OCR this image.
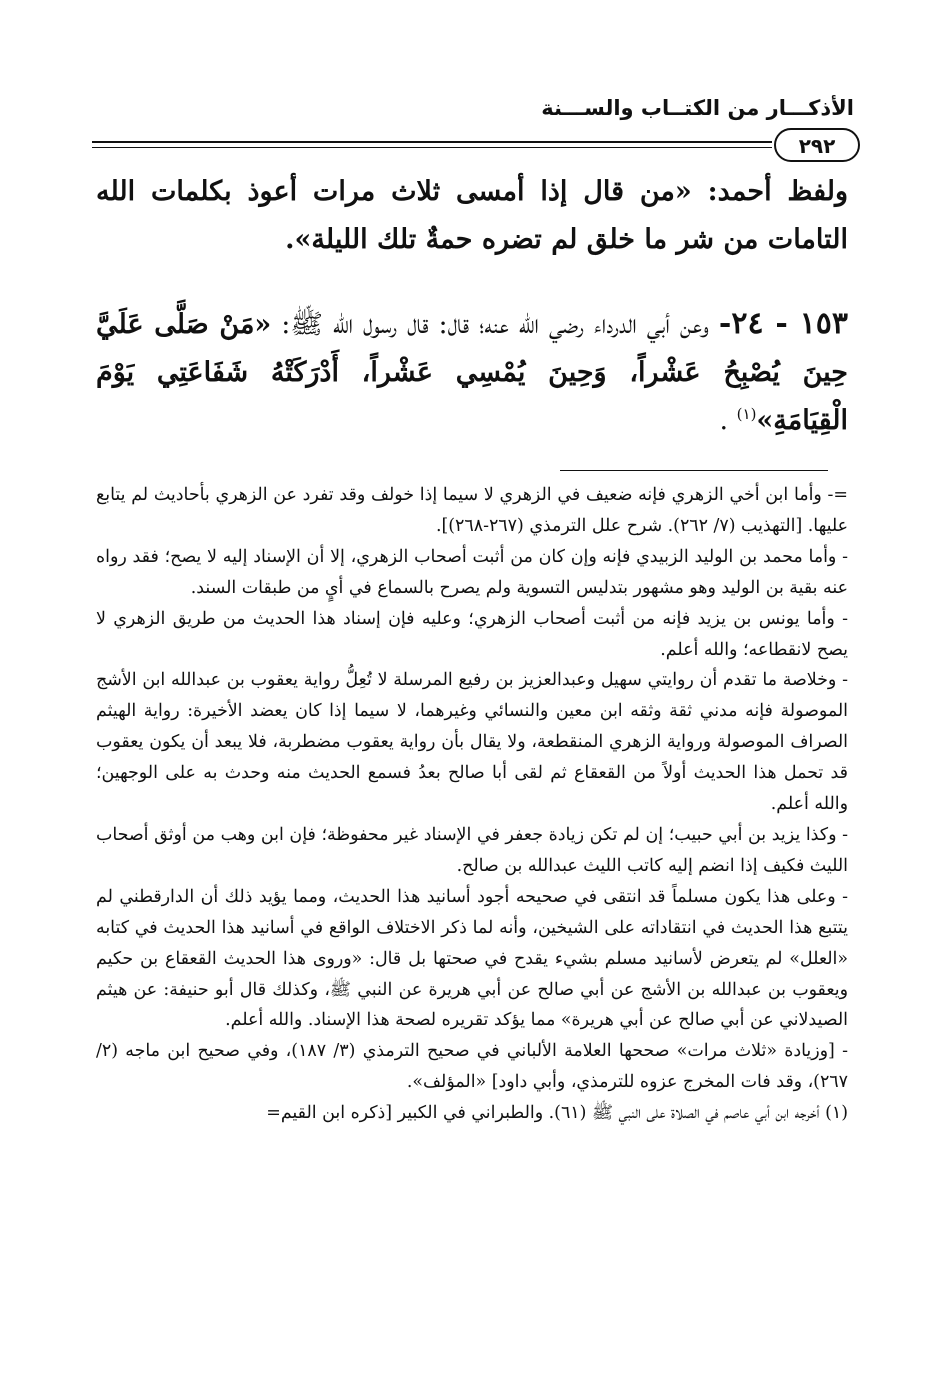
الأذكـــار من الكتــاب والســـنة
٢٩٢
ولفظ أحمد: «من قال إذا أمسى ثلاث مرات أعوذ بكلمات الله التامات من شر ما خلق لم تضره حمةٌ تلك الليلة».
١٥٣ - ٢٤- وعن أبي الدرداء رضي الله عنه؛ قال: قال رسول الله ﷺ: «مَنْ صَلَّى عَلَيَّ حِينَ يُصْبِحُ عَشْراً، وَحِينَ يُمْسِي عَشْراً، أَدْرَكَتْهُ شَفَاعَتِي يَوْمَ الْقِيَامَةِ»$^{(١)}$ .

=- وأما ابن أخي الزهري فإنه ضعيف في الزهري لا سيما إذا خولف وقد تفرد عن الزهري بأحاديث لم يتابع عليها. [التهذيب (٧/ ٢٦٢). شرح علل الترمذي (٢٦٧-٢٦٨)].

- وأما محمد بن الوليد الزبيدي فإنه وإن كان من أثبت أصحاب الزهري، إلا أن الإسناد إليه لا يصح؛ فقد رواه عنه بقية بن الوليد وهو مشهور بتدليس التسوية ولم يصرح بالسماع في أيٍ من طبقات السند.

- وأما يونس بن يزيد فإنه من أثبت أصحاب الزهري؛ وعليه فإن إسناد هذا الحديث من طريق الزهري لا يصح لانقطاعه؛ والله أعلم.

- وخلاصة ما تقدم أن روايتي سهيل وعبدالعزيز بن رفيع المرسلة لا تُعِلُّ رواية يعقوب بن عبدالله ابن الأشج الموصولة فإنه مدني ثقة وثقه ابن معين والنسائي وغيرهما، لا سيما إذا كان يعضد الأخيرة: رواية الهيثم الصراف الموصولة ورواية الزهري المنقطعة، ولا يقال بأن رواية يعقوب مضطربة، فلا يبعد أن يكون يعقوب قد تحمل هذا الحديث أولاً من القعقاع ثم لقى أبا صالح بعدُ فسمع الحديث منه وحدث به على الوجهين؛ والله أعلم.

- وكذا يزيد بن أبي حبيب؛ إن لم تكن زيادة جعفر في الإسناد غير محفوظة؛ فإن ابن وهب من أوثق أصحاب الليث فكيف إذا انضم إليه كاتب الليث عبدالله بن صالح.

- وعلى هذا يكون مسلماً قد انتقى في صحيحه أجود أسانيد هذا الحديث، ومما يؤيد ذلك أن الدارقطني لم يتتبع هذا الحديث في انتقاداته على الشيخين، وأنه لما ذكر الاختلاف الواقع في أسانيد هذا الحديث في كتابه «العلل» لم يتعرض لأسانيد مسلم بشيء يقدح في صحتها بل قال: «وروى هذا الحديث القعقاع بن حكيم ويعقوب بن عبدالله بن الأشج عن أبي صالح عن أبي هريرة عن النبي ﷺ، وكذلك قال أبو حنيفة: عن هيثم الصيدلاني عن أبي صالح عن أبي هريرة» مما يؤكد تقريره لصحة هذا الإسناد. والله أعلم.

- [وزيادة «ثلاث مرات» صححها العلامة الألباني في صحيح الترمذي (٣/ ١٨٧)، وفي صحيح ابن ماجه (٢/ ٢٦٧)، وقد فات المخرج عزوه للترمذي، وأبي داود] «المؤلف».

(١) أخرجه ابن أبي عاصم في الصلاة على النبي ﷺ (٦١). والطبراني في الكبير [ذكره ابن القيم=
